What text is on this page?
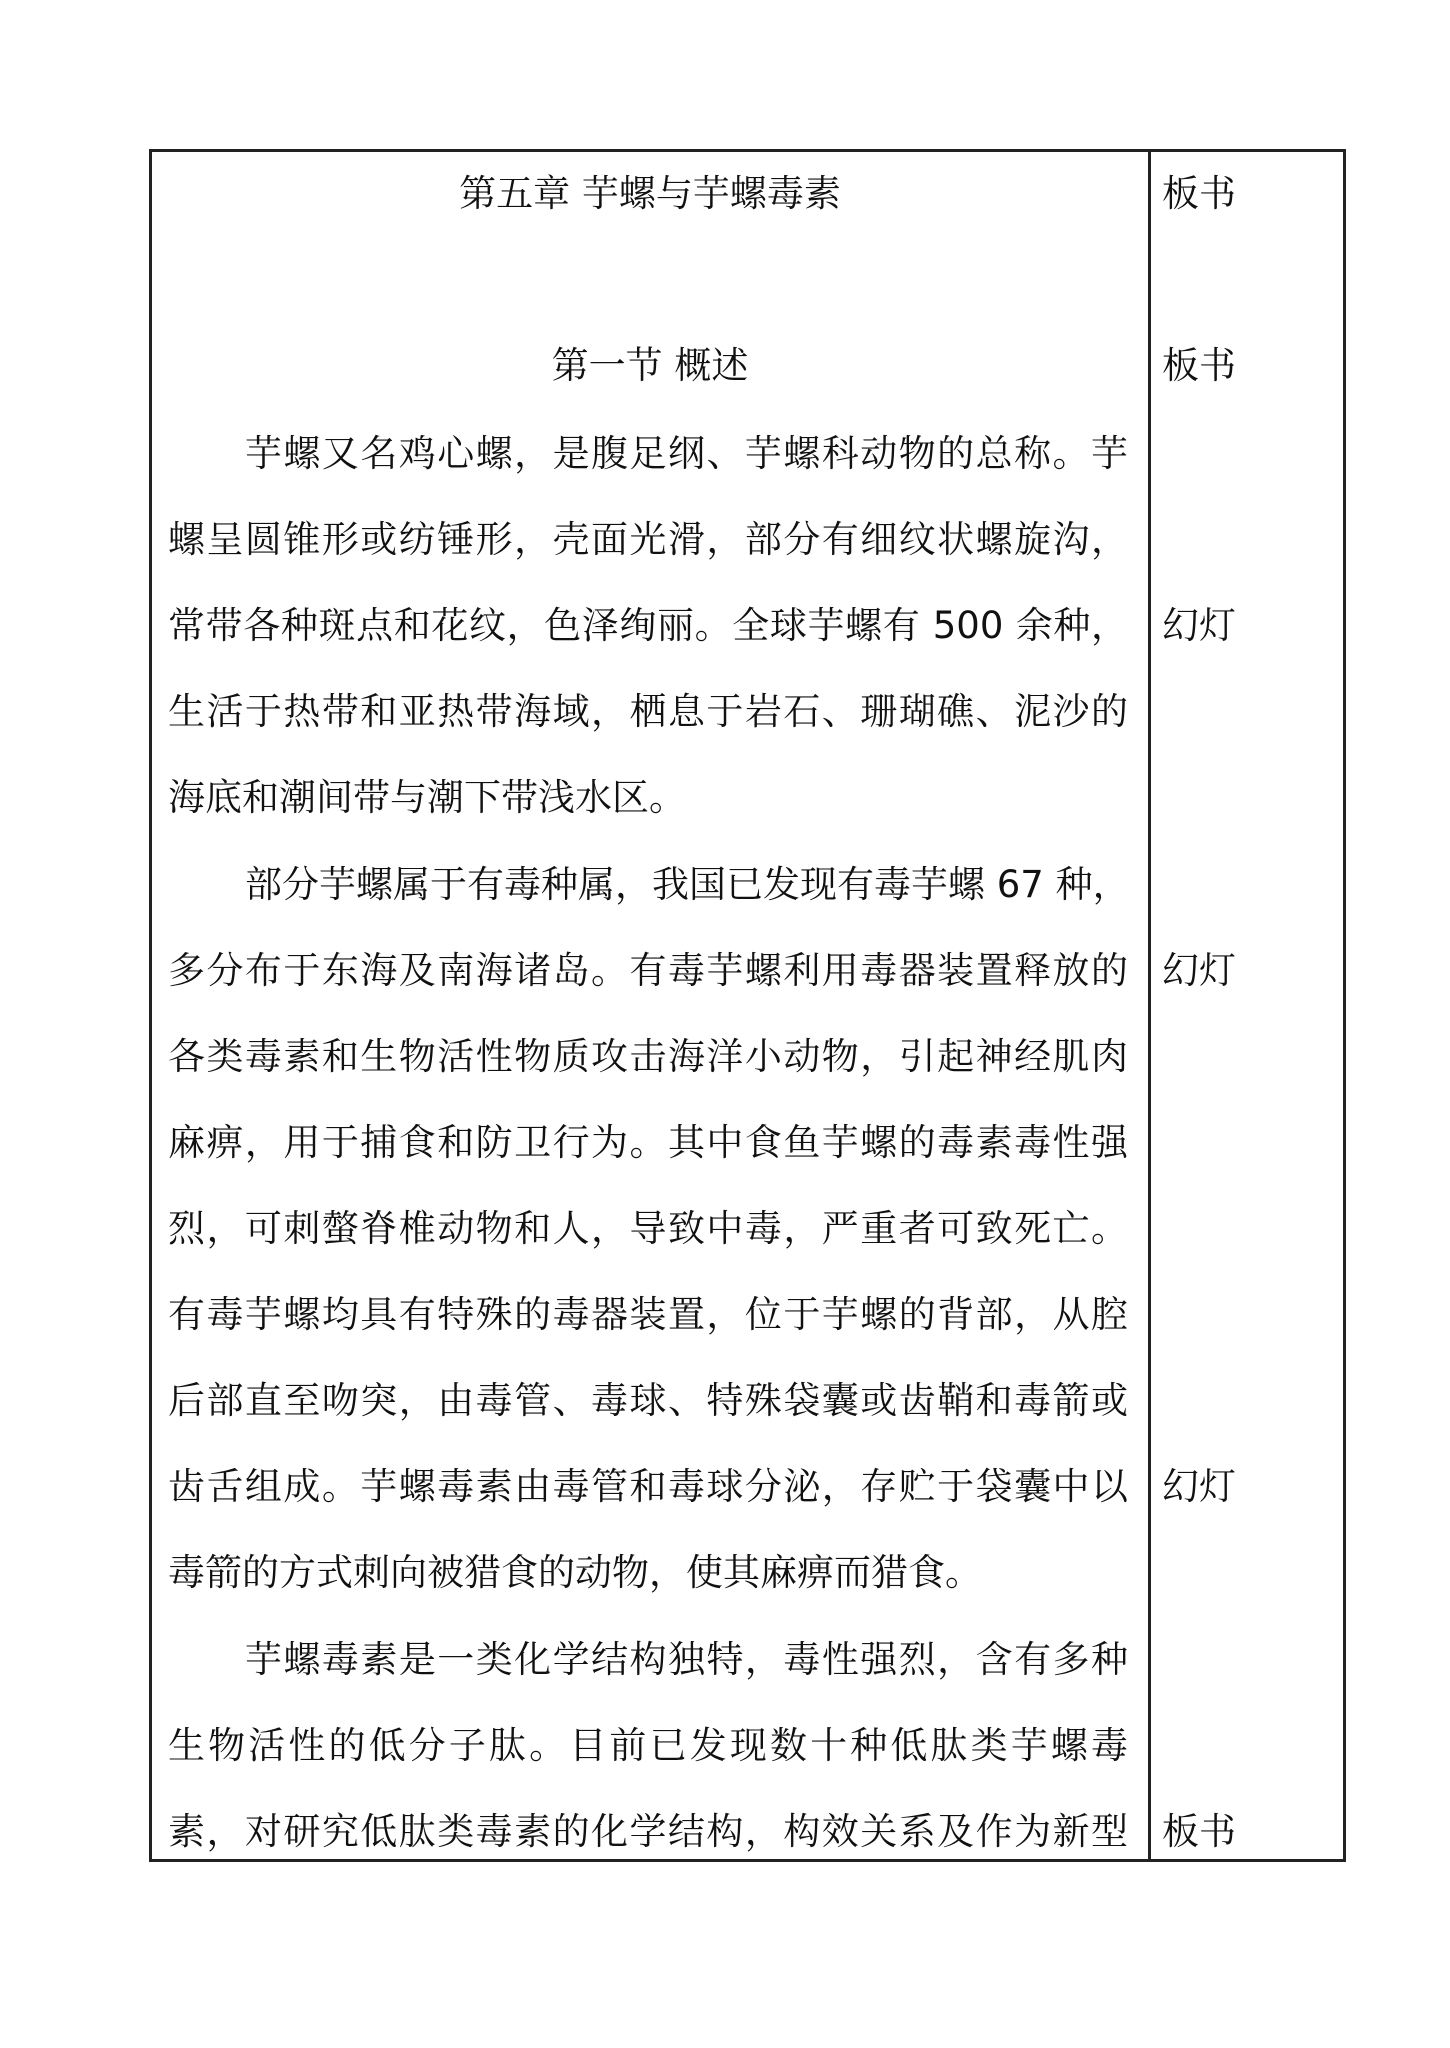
第五章 芋螺与芋螺毒素
第一节 概述
芋螺又名鸡心螺，是腹足纲、芋螺科动物的总称。芋
螺呈圆锥形或纺锤形，壳面光滑，部分有细纹状螺旋沟，
常带各种斑点和花纹，色泽绚丽。全球芋螺有 500 余种，
生活于热带和亚热带海域，栖息于岩石、珊瑚礁、泥沙的
海底和潮间带与潮下带浅水区。
部分芋螺属于有毒种属，我国已发现有毒芋螺 67 种，
多分布于东海及南海诸岛。有毒芋螺利用毒器装置释放的
各类毒素和生物活性物质攻击海洋小动物，引起神经肌肉
麻痹，用于捕食和防卫行为。其中食鱼芋螺的毒素毒性强
烈，可刺螫脊椎动物和人，导致中毒，严重者可致死亡。
有毒芋螺均具有特殊的毒器装置，位于芋螺的背部，从腔
后部直至吻突，由毒管、毒球、特殊袋囊或齿鞘和毒箭或
齿舌组成。芋螺毒素由毒管和毒球分泌，存贮于袋囊中以
毒箭的方式刺向被猎食的动物，使其麻痹而猎食。
芋螺毒素是一类化学结构独特，毒性强烈，含有多种
生物活性的低分子肽。目前已发现数十种低肽类芋螺毒
素，对研究低肽类毒素的化学结构，构效关系及作为新型
板书
板书
幻灯
幻灯
幻灯
板书
